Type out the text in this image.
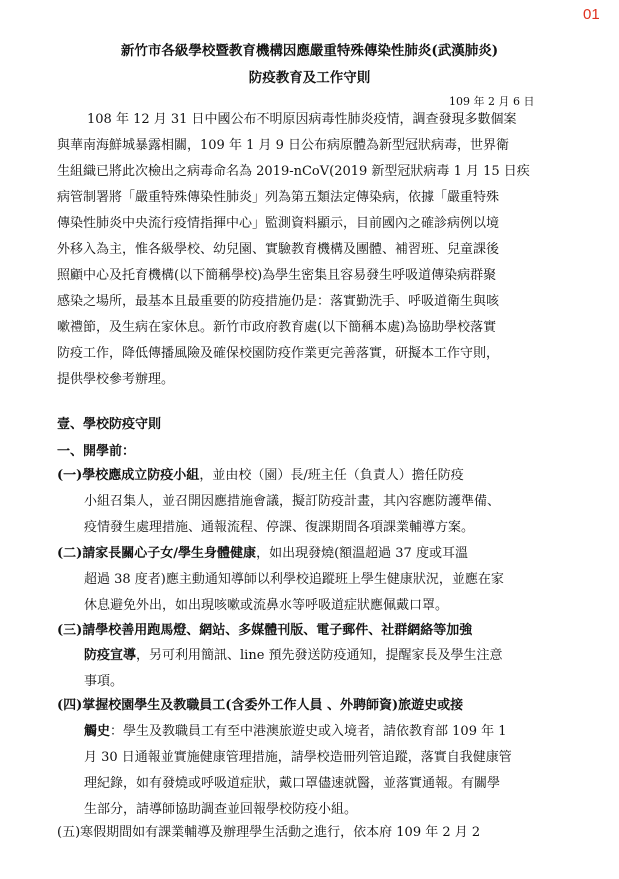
01
新竹市各級學校暨教育機構因應嚴重特殊傳染性肺炎(武漢肺炎)
防疫教育及工作守則
109 年 2 月 6 日
108 年 12 月 31 日中國公布不明原因病毒性肺炎疫情，調查發現多數個案
與華南海鮮城暴露相關，109 年 1 月 9 日公布病原體為新型冠狀病毒，世界衛
生組織已將此次檢出之病毒命名為 2019-nCoV(2019 新型冠狀病毒 1 月 15 日疾
病管制署將「嚴重特殊傳染性肺炎」列為第五類法定傳染病，依據「嚴重特殊
傳染性肺炎中央流行疫情指揮中心」監測資料顯示，目前國內之確診病例以境
外移入為主，惟各級學校、幼兒園、實驗教育機構及團體、補習班、兒童課後
照顧中心及托育機構(以下簡稱學校)為學生密集且容易發生呼吸道傳染病群聚
感染之場所，最基本且最重要的防疫措施仍是：落實勤洗手、呼吸道衛生與咳
嗽禮節，及生病在家休息。新竹市政府教育處(以下簡稱本處)為協助學校落實
防疫工作，降低傳播風險及確保校園防疫作業更完善落實，研擬本工作守則，
提供學校參考辦理。
壹、學校防疫守則
一、開學前：
(一)學校應成立防疫小組，並由校（園）長/班主任（負責人）擔任防疫
小組召集人，並召開因應措施會議，擬訂防疫計畫，其內容應防護準備、
疫情發生處理措施、通報流程、停課、復課期間各項課業輔導方案。
(二)請家長關心子女/學生身體健康，如出現發燒(額溫超過 37 度或耳溫
超過 38 度者)應主動通知導師以利學校追蹤班上學生健康狀況，並應在家
休息避免外出，如出現咳嗽或流鼻水等呼吸道症狀應佩戴口罩。
(三)請學校善用跑馬燈、網站、多媒體刊版、電子郵件、社群網絡等加強
防疫宣導，另可利用簡訊、line 預先發送防疫通知，提醒家長及學生注意
事項。
(四)掌握校園學生及教職員工(含委外工作人員 、外聘師資)旅遊史或接
觸史：學生及教職員工有至中港澳旅遊史或入境者，請依教育部 109 年 1
月 30 日通報並實施健康管理措施，請學校造冊列管追蹤，落實自我健康管
理紀錄，如有發燒或呼吸道症狀，戴口罩儘速就醫，並落實通報。有關學
生部分，請導師協助調查並回報學校防疫小組。
(五)寒假期間如有課業輔導及辦理學生活動之進行，依本府 109 年 2 月 2
